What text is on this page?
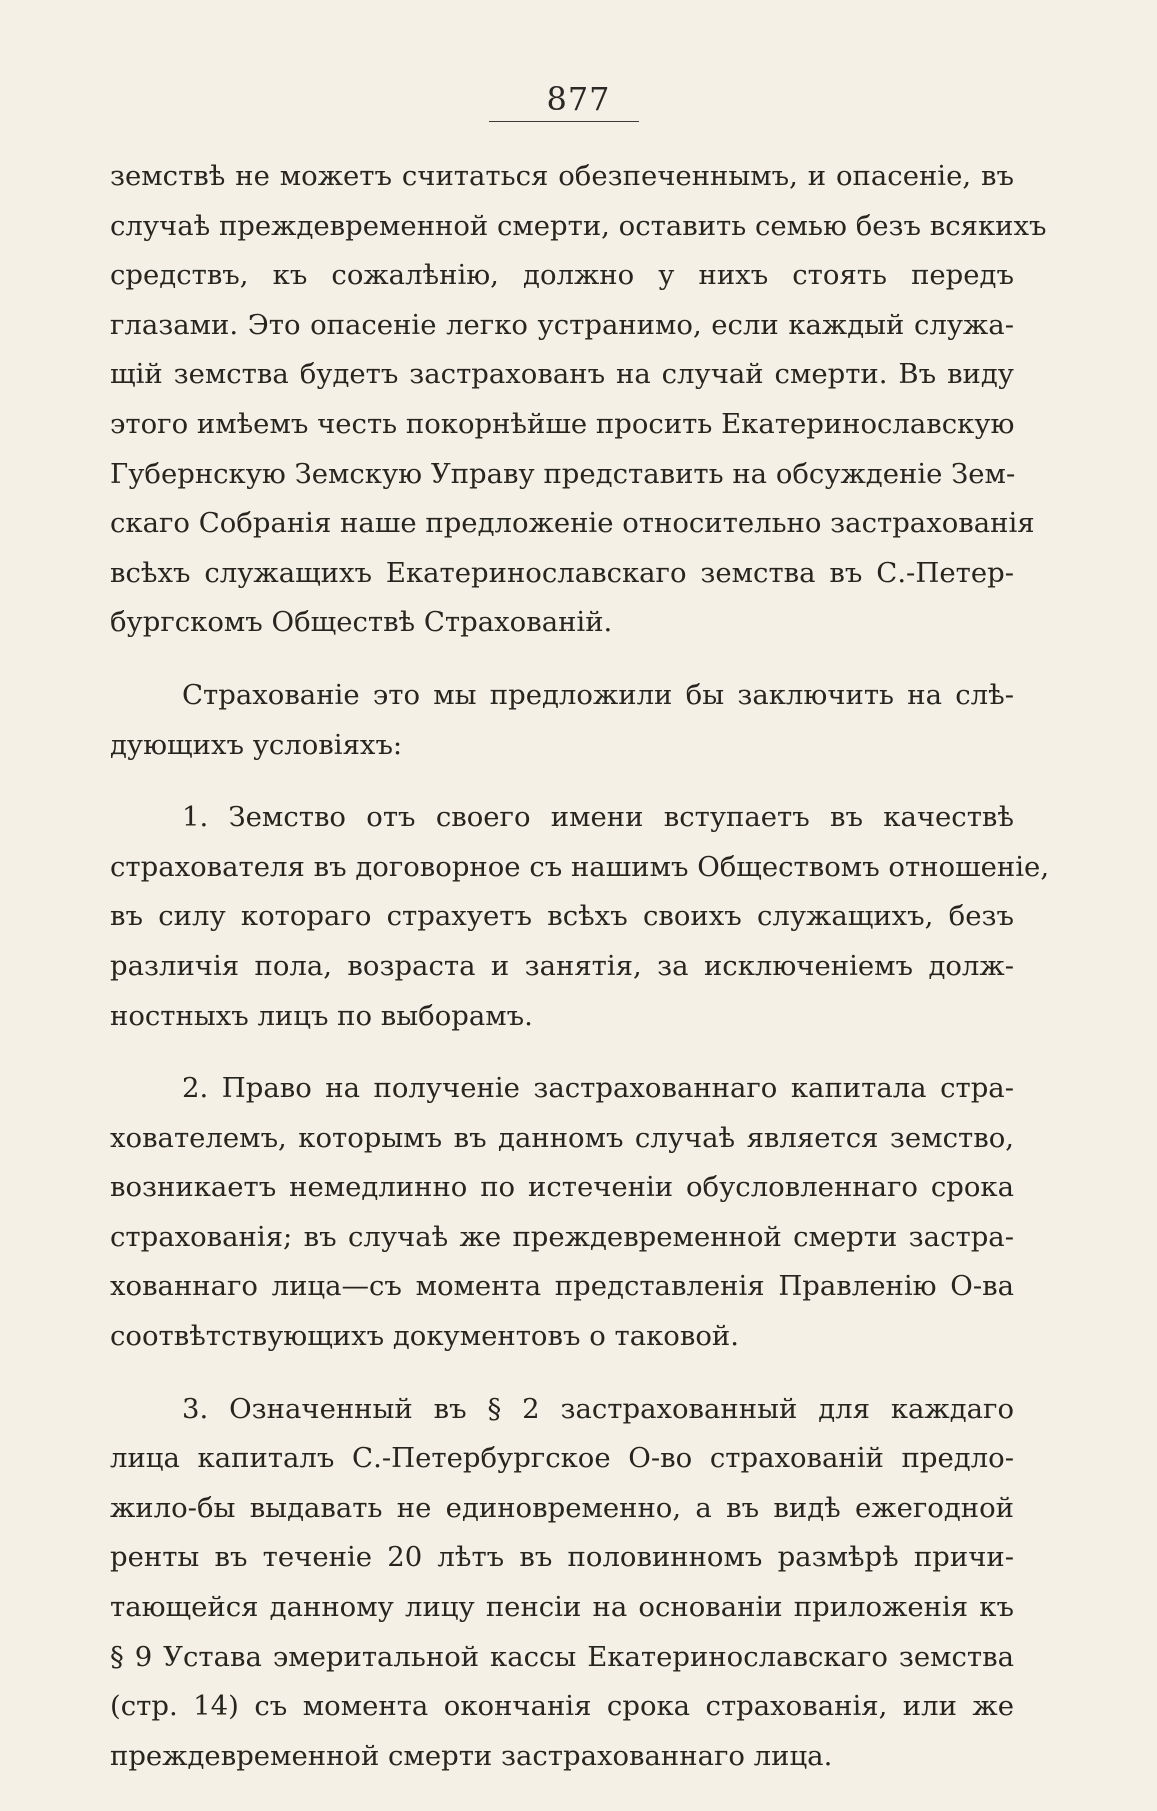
877
земствѣ не можетъ считаться обезпеченнымъ, и опасеніе, въ
случаѣ преждевременной смерти, оставить семью безъ всякихъ
средствъ, къ сожалѣнію, должно у нихъ стоять передъ
глазами. Это опасеніе легко устранимо, если каждый служа-
щій земства будетъ застрахованъ на случай смерти. Въ виду
этого имѣемъ честь покорнѣйше просить Екатеринославскую
Губернскую Земскую Управу представить на обсужденіе Зем-
скаго Собранія наше предложеніе относительно застрахованія
всѣхъ служащихъ Екатеринославскаго земства въ С.-Петер-
бургскомъ Обществѣ Страхованій.
Страхованіе это мы предложили бы заключить на слѣ-
дующихъ условіяхъ:
1. Земство отъ своего имени вступаетъ въ качествѣ
страхователя въ договорное съ нашимъ Обществомъ отношеніе,
въ силу котораго страхуетъ всѣхъ своихъ служащихъ, безъ
различія пола, возраста и занятія, за исключеніемъ долж-
ностныхъ лицъ по выборамъ.
2. Право на полученіе застрахованнаго капитала стра-
хователемъ, которымъ въ данномъ случаѣ является земство,
возникаетъ немедлинно по истеченіи обусловленнаго срока
страхованія; въ случаѣ же преждевременной смерти застра-
хованнаго лица—съ момента представленія Правленію О-ва
соотвѣтствующихъ документовъ о таковой.
3. Означенный въ § 2 застрахованный для каждаго
лица капиталъ С.-Петербургское О-во страхованій предло-
жило-бы выдавать не единовременно, а въ видѣ ежегодной
ренты въ теченіе 20 лѣтъ въ половинномъ размѣрѣ причи-
тающейся данному лицу пенсіи на основаніи приложенія къ
§ 9 Устава эмеритальной кассы Екатеринославскаго земства
(стр. 14) съ момента окончанія срока страхованія, или же
преждевременной смерти застрахованнаго лица.
